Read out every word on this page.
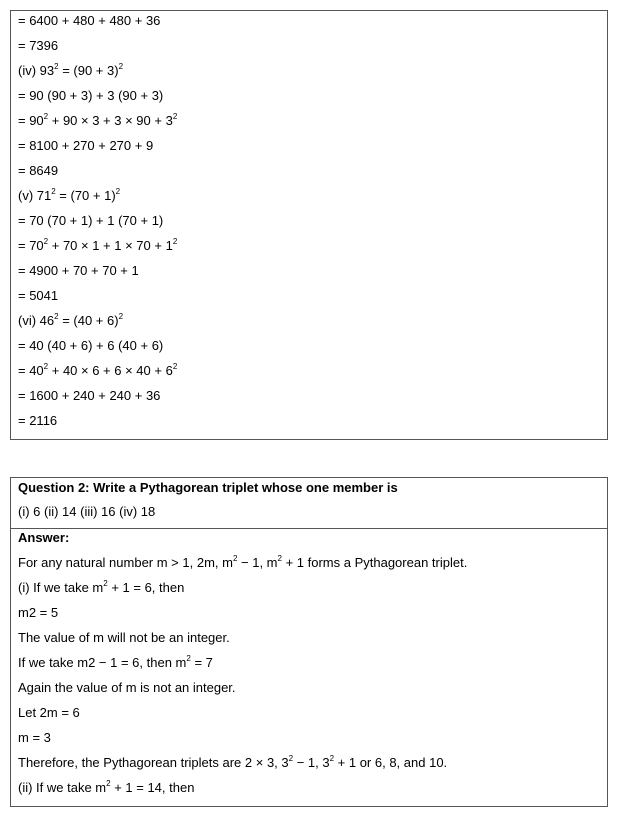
= 6400 + 480 + 480 + 36
= 7396
(iv) $93^2 = (90 + 3)^2$
= 90 (90 + 3) + 3 (90 + 3)
= $90^2 + 90 \times 3 + 3 \times 90 + 3^2$
= 8100 + 270 + 270 + 9
= 8649
(v) $71^2 = (70 + 1)^2$
= 70 (70 + 1) + 1 (70 + 1)
= $70^2 + 70 \times 1 + 1 \times 70 + 1^2$
= 4900 + 70 + 70 + 1
= 5041
(vi) $46^2 = (40 + 6)^2$
= 40 (40 + 6) + 6 (40 + 6)
= $40^2 + 40 \times 6 + 6 \times 40 + 6^2$
= 1600 + 240 + 240 + 36
= 2116
Question 2: Write a Pythagorean triplet whose one member is
(i) 6 (ii) 14 (iii) 16 (iv) 18
Answer:
For any natural number m > 1, 2m, $m^2 - 1$, $m^2 + 1$ forms a Pythagorean triplet.
(i) If we take $m^2 + 1 = 6$, then
m2 = 5
The value of m will not be an integer.
If we take m2 − 1 = 6, then $m^2 = 7$
Again the value of m is not an integer.
Let 2m = 6
m = 3
Therefore, the Pythagorean triplets are 2 × 3, $3^2 - 1$, $3^2 + 1$ or 6, 8, and 10.
(ii) If we take $m^2 + 1 = 14$, then
